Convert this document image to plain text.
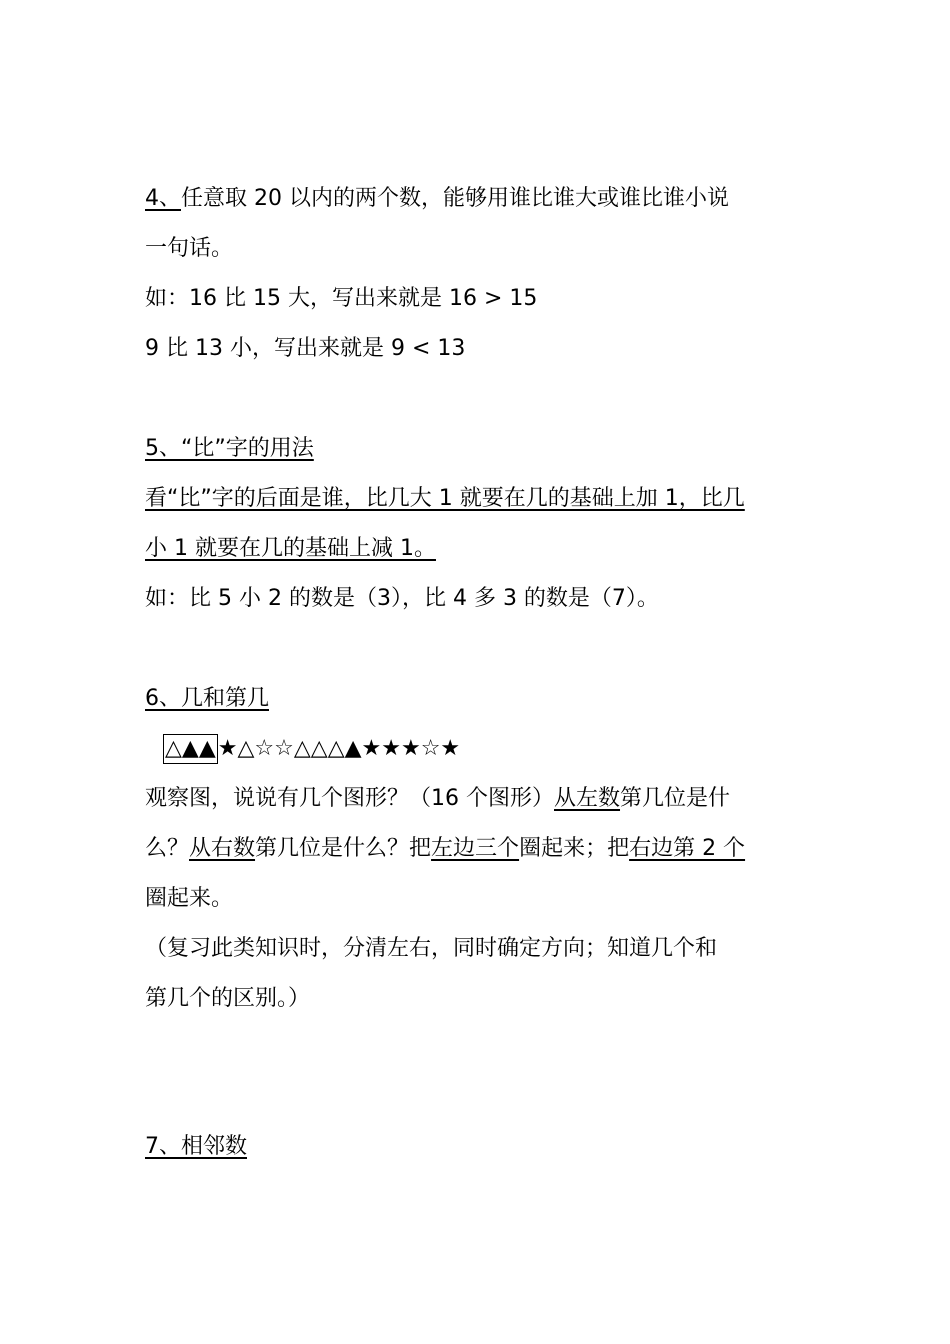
4、任意取 20 以内的两个数，能够用谁比谁大或谁比谁小说
一句话。
如：16 比 15 大，写出来就是 16 > 15
9 比 13 小，写出来就是 9 < 13
5、“比”字的用法
看“比”字的后面是谁，比几大 1 就要在几的基础上加 1，比几
小 1 就要在几的基础上减 1。
如：比 5 小 2 的数是（3），比 4 多 3 的数是（7）。
6、几和第几
△▲▲★△☆☆△△△▲★★★☆★
观察图，说说有几个图形？（16 个图形）从左数第几位是什
么？从右数第几位是什么？把左边三个圈起来；把右边第 2 个
圈起来。
（复习此类知识时，分清左右，同时确定方向；知道几个和
第几个的区别。）
7、相邻数
